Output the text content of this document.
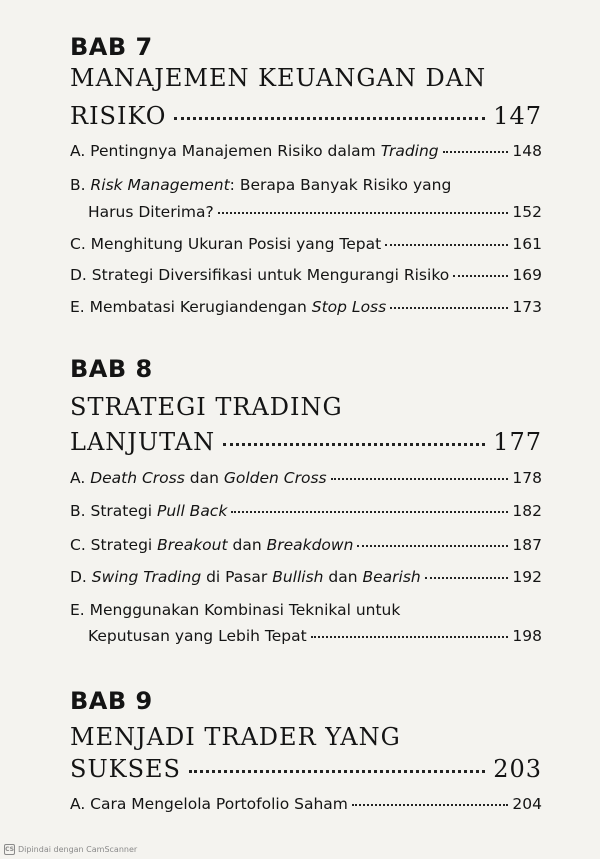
BAB 7
MANAJEMEN KEUANGAN DAN
RISIKO	147
A. Pentingnya Manajemen Risiko dalam Trading	148
B. Risk Management: Berapa Banyak Risiko yang
Harus Diterima?	152
C. Menghitung Ukuran Posisi yang Tepat	161
D. Strategi Diversifikasi untuk Mengurangi Risiko	169
E. Membatasi Kerugiandengan Stop Loss	173
BAB 8
STRATEGI TRADING
LANJUTAN	177
A. Death Cross dan Golden Cross	178
B. Strategi Pull Back	182
C. Strategi Breakout dan Breakdown	187
D. Swing Trading di Pasar Bullish dan Bearish	192
E. Menggunakan Kombinasi Teknikal untuk
Keputusan yang Lebih Tepat	198
BAB 9
MENJADI TRADER YANG
SUKSES	203
A. Cara Mengelola Portofolio Saham	204
CS Dipindai dengan CamScanner
